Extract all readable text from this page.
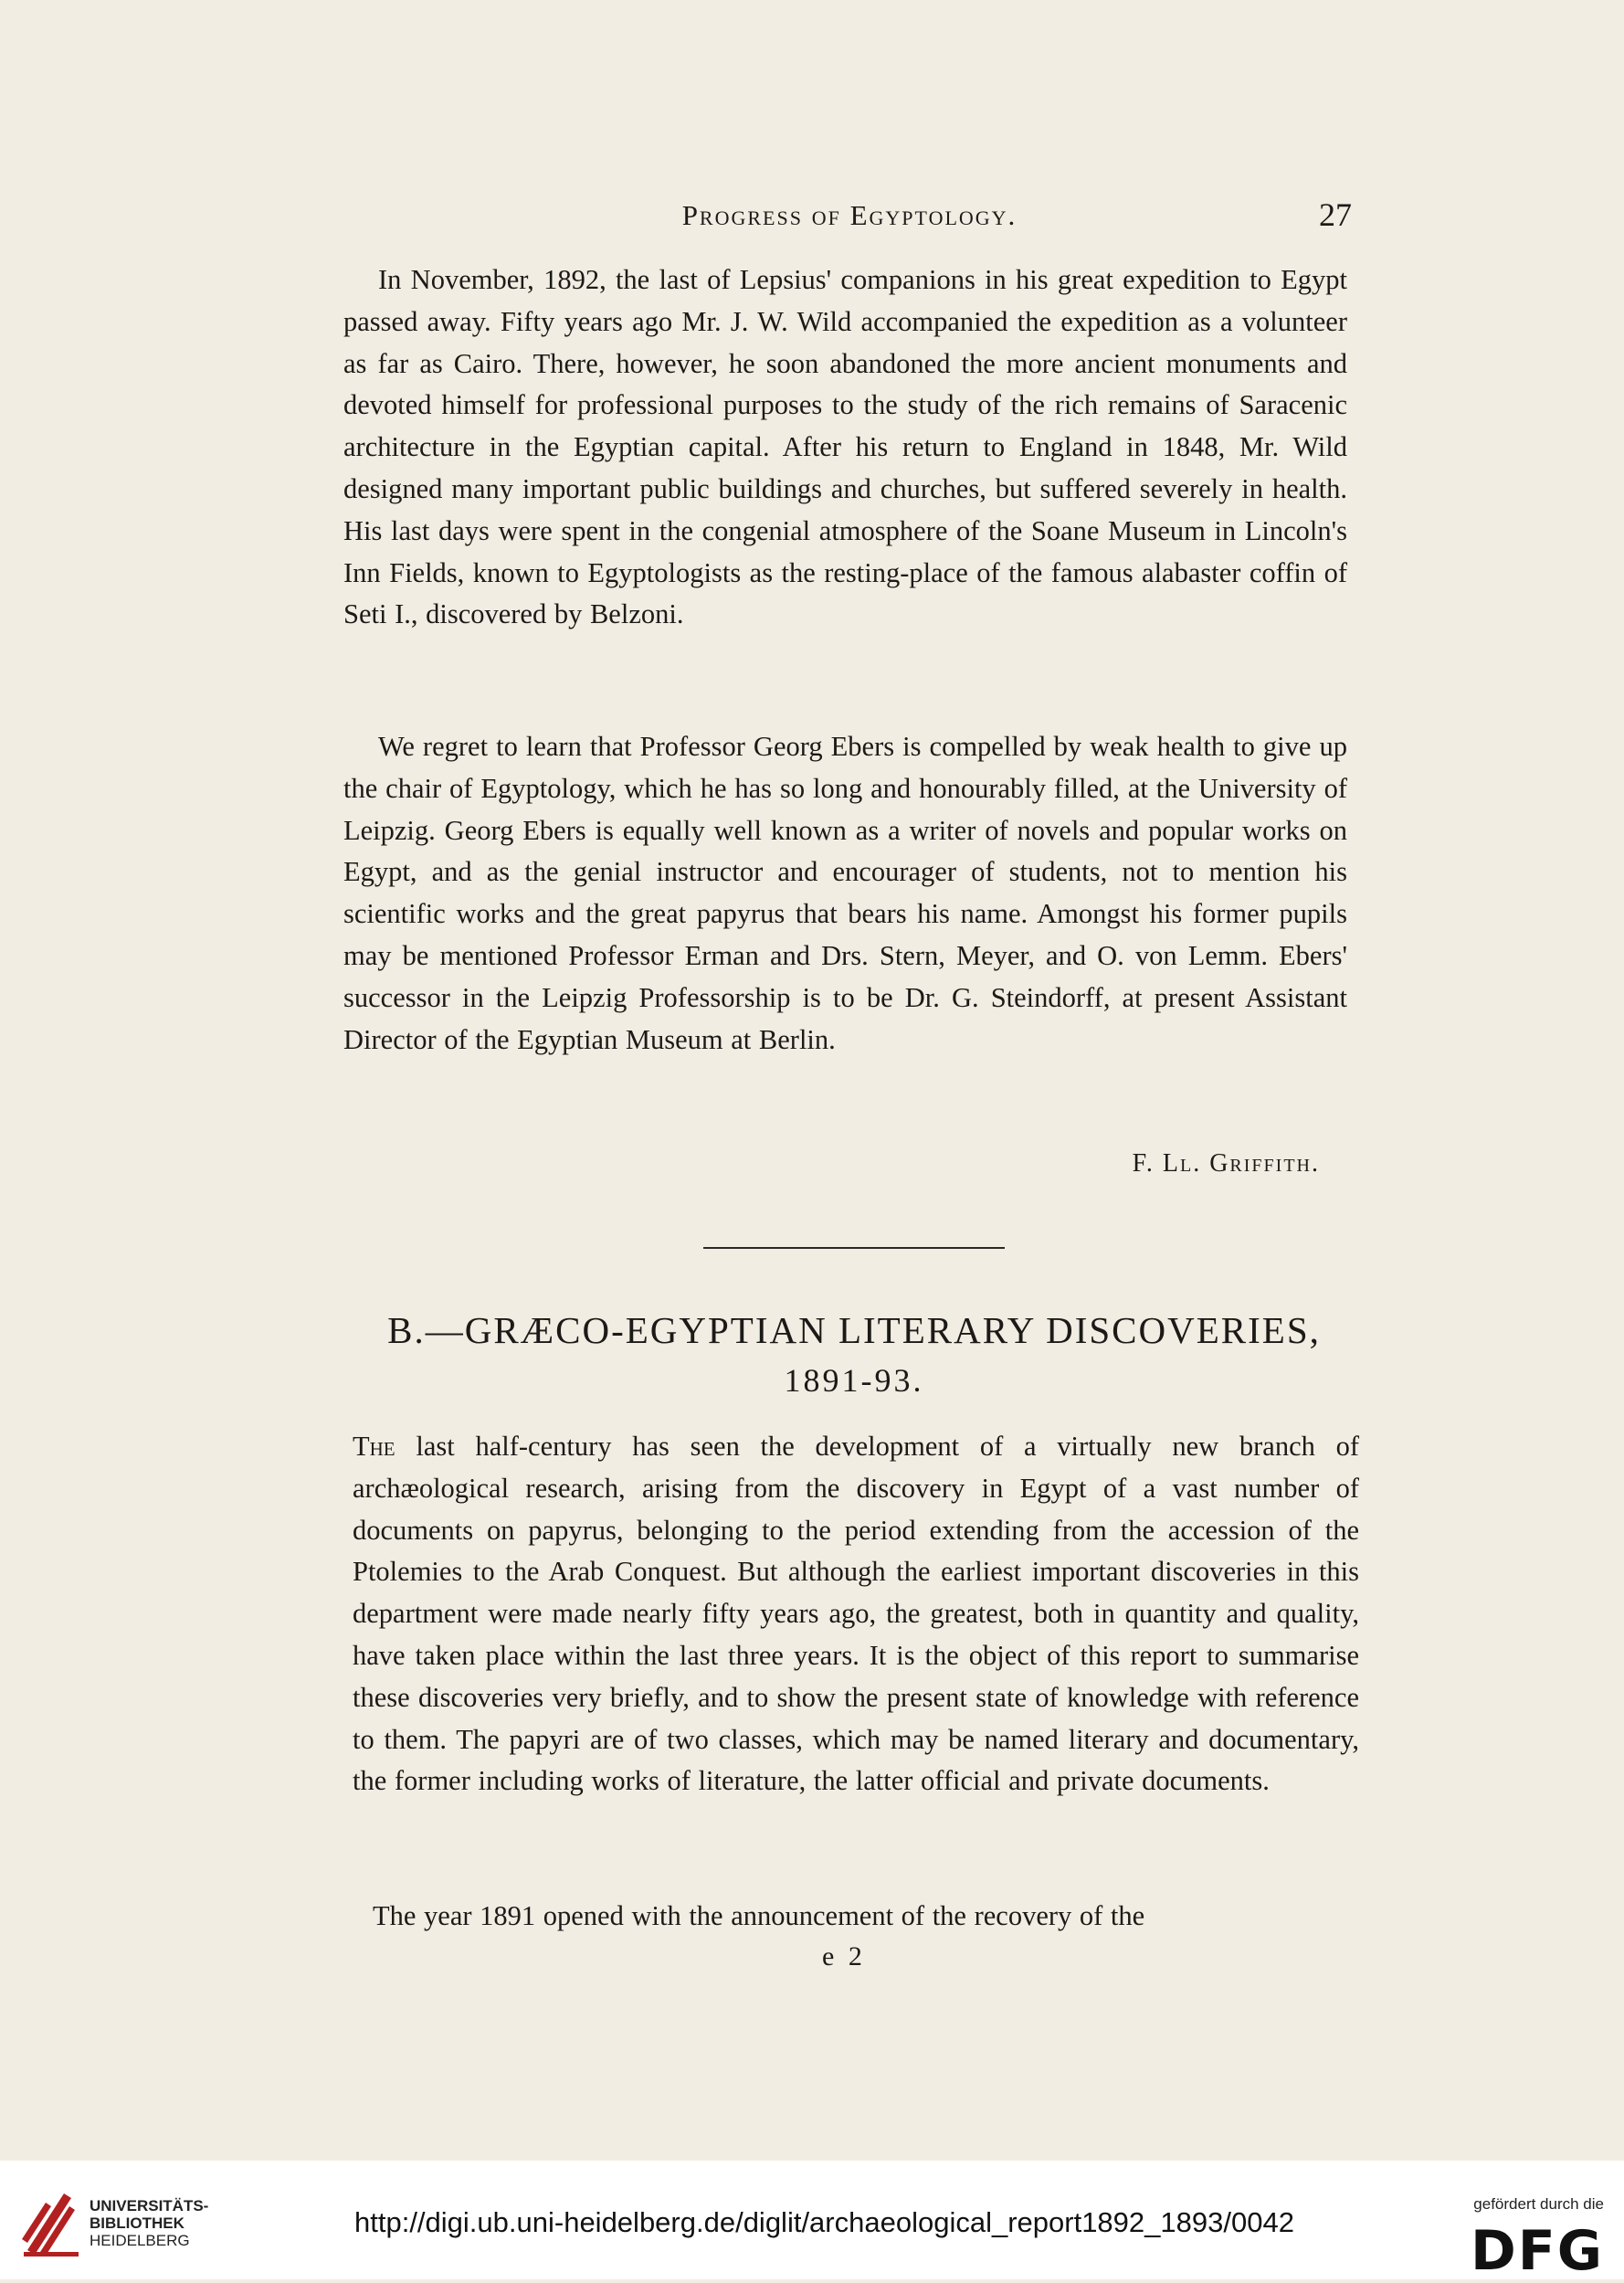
Progress of Egyptology.	27

In November, 1892, the last of Lepsius' companions in his great expedition to Egypt passed away. Fifty years ago Mr. J. W. Wild accompanied the expedition as a volunteer as far as Cairo. There, however, he soon abandoned the more ancient monuments and devoted himself for professional purposes to the study of the rich remains of Saracenic architecture in the Egyptian capital. After his return to England in 1848, Mr. Wild designed many important public buildings and churches, but suffered severely in health. His last days were spent in the congenial atmosphere of the Soane Museum in Lincoln's Inn Fields, known to Egyptologists as the resting-place of the famous alabaster coffin of Seti I., discovered by Belzoni.

We regret to learn that Professor Georg Ebers is compelled by weak health to give up the chair of Egyptology, which he has so long and honourably filled, at the University of Leipzig. Georg Ebers is equally well known as a writer of novels and popular works on Egypt, and as the genial instructor and encourager of students, not to mention his scientific works and the great papyrus that bears his name. Amongst his former pupils may be mentioned Professor Erman and Drs. Stern, Meyer, and O. von Lemm. Ebers' successor in the Leipzig Professorship is to be Dr. G. Steindorff, at present Assistant Director of the Egyptian Museum at Berlin.

F. Ll. Griffith.
B.—GRÆCO-EGYPTIAN LITERARY DISCOVERIES,
1891-93.

The last half-century has seen the development of a virtually new branch of archæological research, arising from the discovery in Egypt of a vast number of documents on papyrus, belonging to the period extending from the accession of the Ptolemies to the Arab Conquest. But although the earliest important discoveries in this department were made nearly fifty years ago, the greatest, both in quantity and quality, have taken place within the last three years. It is the object of this report to summarise these discoveries very briefly, and to show the present state of knowledge with reference to them. The papyri are of two classes, which may be named literary and documentary, the former including works of literature, the latter official and private documents.

The year 1891 opened with the announcement of the recovery of the

e 2
UNIVERSITÄTS-
BIBLIOTHEK
HEIDELBERG
http://digi.ub.uni-heidelberg.de/diglit/archaeological_report1892_1893/0042
gefördert durch die
DFG
